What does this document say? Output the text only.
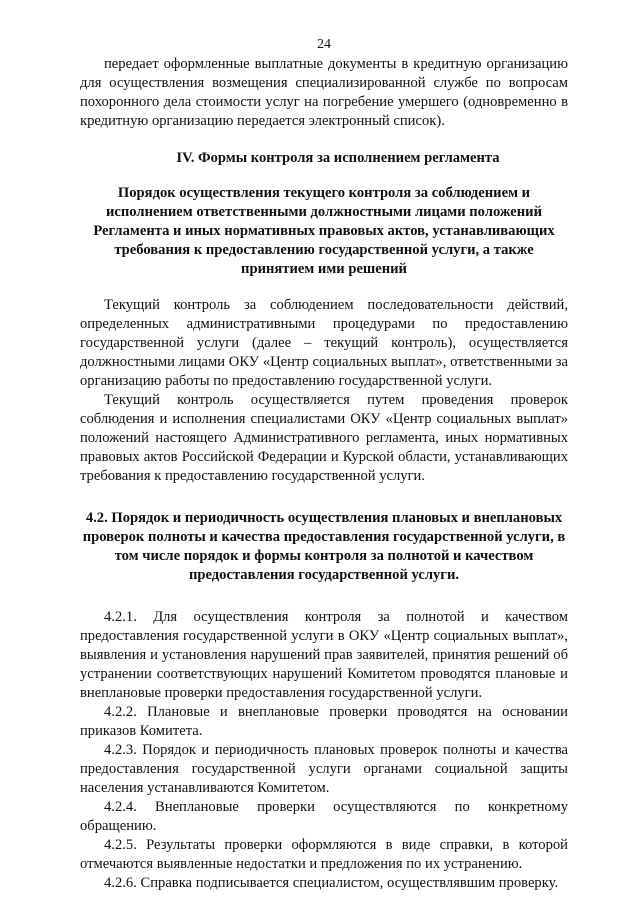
24

передает оформленные выплатные документы в кредитную организацию для осуществления возмещения специализированной службе по вопросам похоронного дела стоимости услуг на погребение умершего (одновременно в кредитную организацию передается электронный список).

IV. Формы контроля за исполнением регламента
Порядок осуществления текущего контроля за соблюдением и исполнением ответственными должностными лицами положений Регламента и иных нормативных правовых актов, устанавливающих требования к предоставлению государственной услуги, а также принятием ими решений

Текущий контроль за соблюдением последовательности действий, определенных административными процедурами по предоставлению государственной услуги (далее – текущий контроль), осуществляется должностными лицами ОКУ «Центр социальных выплат», ответственными за организацию работы по предоставлению государственной услуги.

Текущий контроль осуществляется путем проведения проверок соблюдения и исполнения специалистами ОКУ «Центр социальных выплат» положений настоящего Административного регламента, иных нормативных правовых актов Российской Федерации и Курской области, устанавливающих требования к предоставлению государственной услуги.

4.2. Порядок и периодичность осуществления плановых и внеплановых проверок полноты и качества предоставления государственной услуги, в том числе порядок и формы контроля за полнотой и качеством предоставления государственной услуги.

4.2.1. Для осуществления контроля за полнотой и качеством предоставления государственной услуги в ОКУ «Центр социальных выплат», выявления и установления нарушений прав заявителей, принятия решений об устранении соответствующих нарушений Комитетом проводятся плановые и внеплановые проверки предоставления государственной услуги.

4.2.2. Плановые и внеплановые проверки проводятся на основании приказов Комитета.

4.2.3. Порядок и периодичность плановых проверок полноты и качества предоставления государственной услуги органами социальной защиты населения устанавливаются Комитетом.

4.2.4. Внеплановые проверки осуществляются по конкретному обращению.

4.2.5. Результаты проверки оформляются в виде справки, в которой отмечаются выявленные недостатки и предложения по их устранению.

4.2.6. Справка подписывается специалистом, осуществлявшим проверку.
